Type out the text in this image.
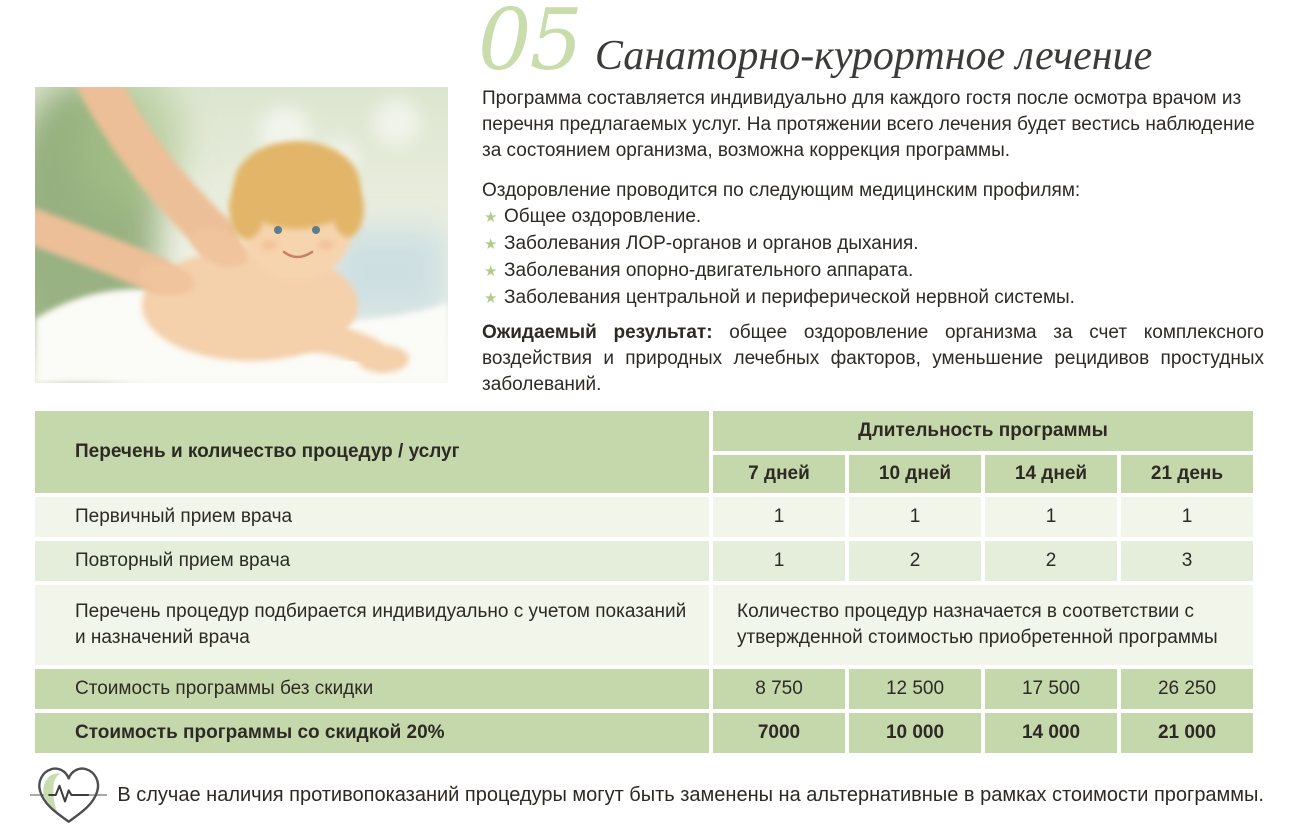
05 Санаторно-курортное лечение

Программа составляется индивидуально для каждого гостя после осмотра врачом из перечня предлагаемых услуг. На протяжении всего лечения будет вестись наблюдение за состоянием организма, возможна коррекция программы.

Оздоровление проводится по следующим медицинским профилям:

★ Общее оздоровление.
★ Заболевания ЛОР-органов и органов дыхания.
★ Заболевания опорно-двигательного аппарата.
★ Заболевания центральной и периферической нервной системы.

Ожидаемый результат: общее оздоровление организма за счет комплексного воздействия и природных лечебных факторов, уменьшение рецидивов простудных заболеваний.

Перечень и количество процедур / услуг
Длительность программы
7 дней	10 дней	14 дней	21 день
Первичный прием врача	1	1	1	1
Повторный прием врача	1	2	2	3
Перечень процедур подбирается индивидуально с учетом показаний и назначений врача
Количество процедур назначается в соответствии с утвержденной стоимостью приобретенной программы
Стоимость программы без скидки	8 750	12 500	17 500	26 250
Стоимость программы со скидкой 20%	7000	10 000	14 000	21 000
В случае наличия противопоказаний процедуры могут быть заменены на альтернативные в рамках стоимости программы.
